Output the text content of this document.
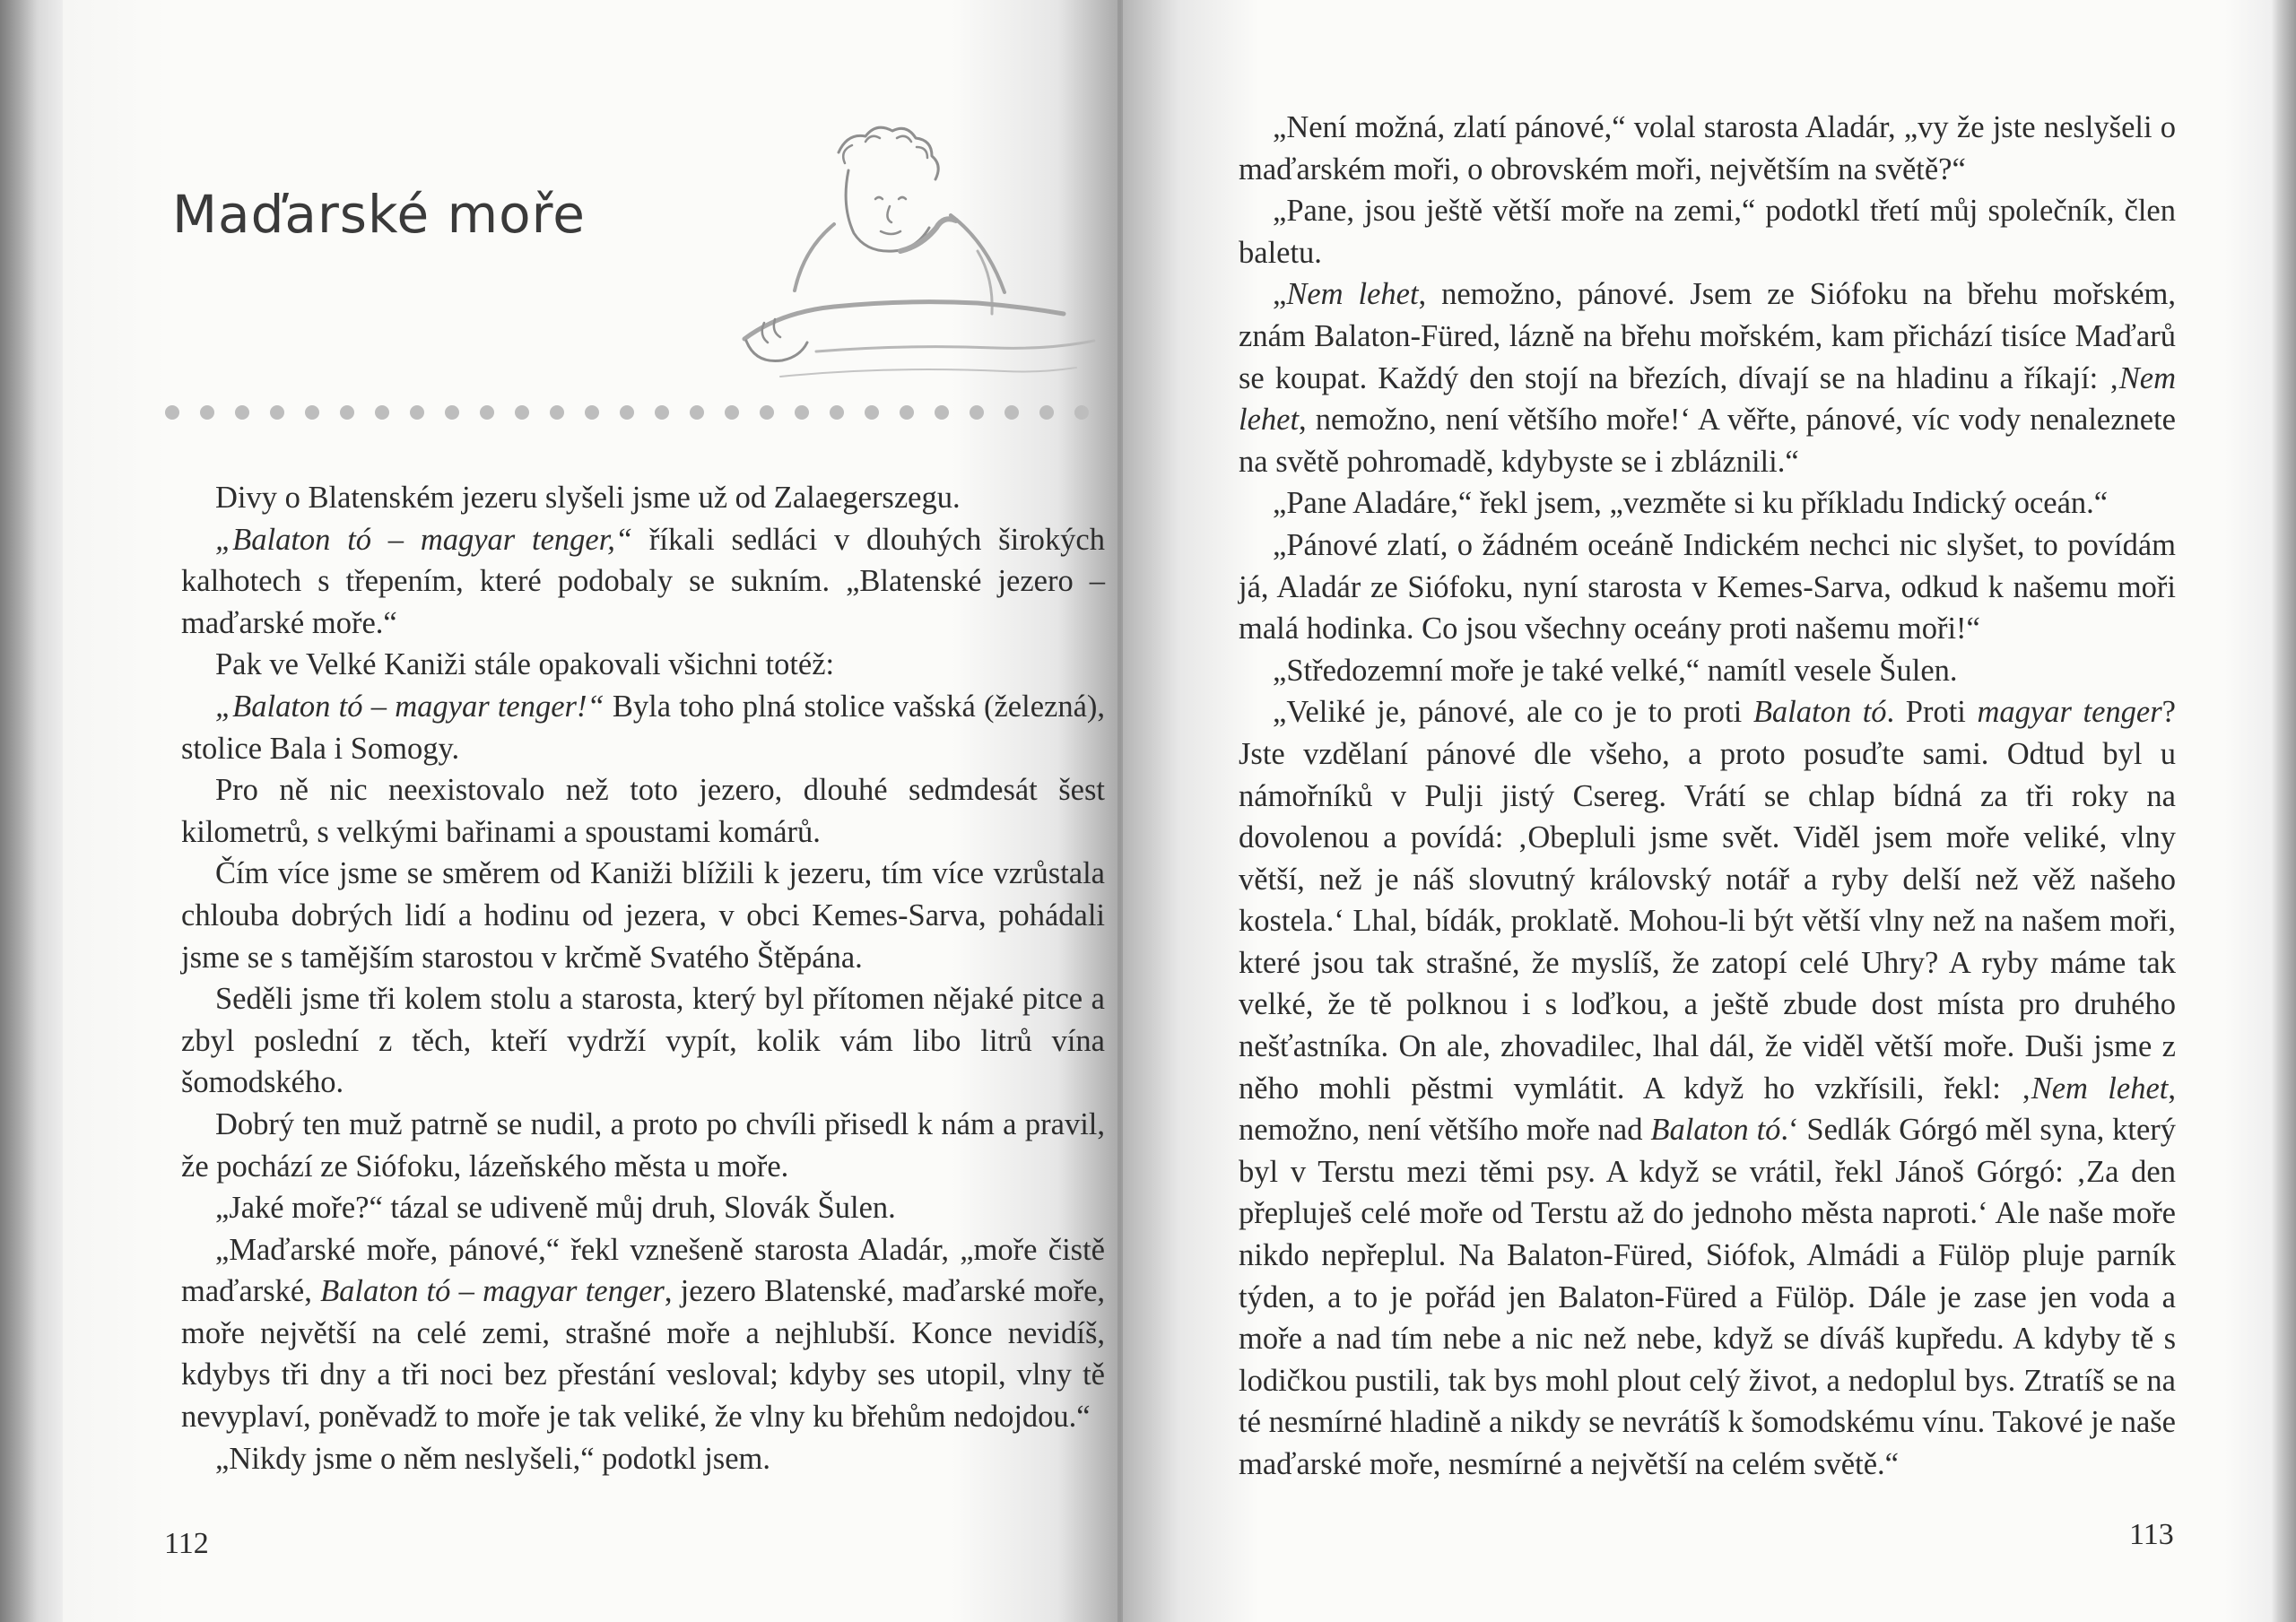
Maďarské moře

Divy o Blatenském jezeru slyšeli jsme už od Zalaegerszegu.

„Balaton tó – magyar tenger,“ říkali sedláci v dlouhých širokých kalhotech s třepením, které podobaly se sukním. „Blatenské jezero – maďarské moře.“

Pak ve Velké Kaniži stále opakovali všichni totéž:

„Balaton tó – magyar tenger!“ Byla toho plná stolice vašská (železná), stolice Bala i Somogy.

Pro ně nic neexistovalo než toto jezero, dlouhé sedmdesát šest kilometrů, s velkými bařinami a spoustami komárů.

Čím více jsme se směrem od Kaniži blížili k jezeru, tím více vzrůstala chlouba dobrých lidí a hodinu od jezera, v obci Kemes-Sarva, pohádali jsme se s tamějším starostou v krčmě Svatého Štěpána.

Seděli jsme tři kolem stolu a starosta, který byl přítomen nějaké pitce a zbyl poslední z těch, kteří vydrží vypít, kolik vám libo litrů vína šomodského.

Dobrý ten muž patrně se nudil, a proto po chvíli přisedl k nám a pravil, že pochází ze Siófoku, lázeňského města u moře.

„Jaké moře?“ tázal se udiveně můj druh, Slovák Šulen.

„Maďarské moře, pánové,“ řekl vznešeně starosta Aladár, „moře čistě maďarské, Balaton tó – magyar tenger, jezero Blatenské, maďarské moře, moře největší na celé zemi, strašné moře a nejhlubší. Konce nevidíš, kdybys tři dny a tři noci bez přestání vesloval; kdyby ses utopil, vlny tě nevyplaví, poněvadž to moře je tak veliké, že vlny ku břehům nedojdou.“

„Nikdy jsme o něm neslyšeli,“ podotkl jsem.

„Není možná, zlatí pánové,“ volal starosta Aladár, „vy že jste neslyšeli o maďarském moři, o obrovském moři, největším na světě?“

„Pane, jsou ještě větší moře na zemi,“ podotkl třetí můj společník, člen baletu.

„Nem lehet, nemožno, pánové. Jsem ze Siófoku na břehu mořském, znám Balaton-Füred, lázně na břehu mořském, kam přichází tisíce Maďarů se koupat. Každý den stojí na březích, dívají se na hladinu a říkají: ‚Nem lehet, nemožno, není většího moře!‘ A věřte, pánové, víc vody nenaleznete na světě pohromadě, kdybyste se i zbláznili.“

„Pane Aladáre,“ řekl jsem, „vezměte si ku příkladu Indický oceán.“

„Pánové zlatí, o žádném oceáně Indickém nechci nic slyšet, to povídám já, Aladár ze Siófoku, nyní starosta v Kemes-Sarva, odkud k našemu moři malá hodinka. Co jsou všechny oceány proti našemu moři!“

„Středozemní moře je také velké,“ namítl vesele Šulen.

„Veliké je, pánové, ale co je to proti Balaton tó. Proti magyar tenger? Jste vzdělaní pánové dle všeho, a proto posuďte sami. Odtud byl u námořníků v Pulji jistý Csereg. Vrátí se chlap bídná za tři roky na dovolenou a povídá: ‚Obepluli jsme svět. Viděl jsem moře veliké, vlny větší, než je náš slovutný královský notář a ryby delší než věž našeho kostela.‘ Lhal, bídák, proklatě. Mohou-li být větší vlny než na našem moři, které jsou tak strašné, že myslíš, že zatopí celé Uhry? A ryby máme tak velké, že tě polknou i s loďkou, a ještě zbude dost místa pro druhého nešťastníka. On ale, zhovadilec, lhal dál, že viděl větší moře. Duši jsme z něho mohli pěstmi vymlátit. A když ho vzkřísili, řekl: ‚Nem lehet, nemožno, není většího moře nad Balaton tó.‘ Sedlák Górgó měl syna, který byl v Terstu mezi těmi psy. A když se vrátil, řekl Jánoš Górgó: ‚Za den přepluješ celé moře od Terstu až do jednoho města naproti.‘ Ale naše moře nikdo nepřeplul. Na Balaton-Füred, Siófok, Almádi a Fülöp pluje parník týden, a to je pořád jen Balaton-Füred a Fülöp. Dále je zase jen voda a moře a nad tím nebe a nic než nebe, když se díváš kupředu. A kdyby tě s lodičkou pustili, tak bys mohl plout celý život, a nedoplul bys. Ztratíš se na té nesmírné hladině a nikdy se nevrátíš k šomodskému vínu. Takové je naše maďarské moře, nesmírné a největší na celém světě.“

112	113
